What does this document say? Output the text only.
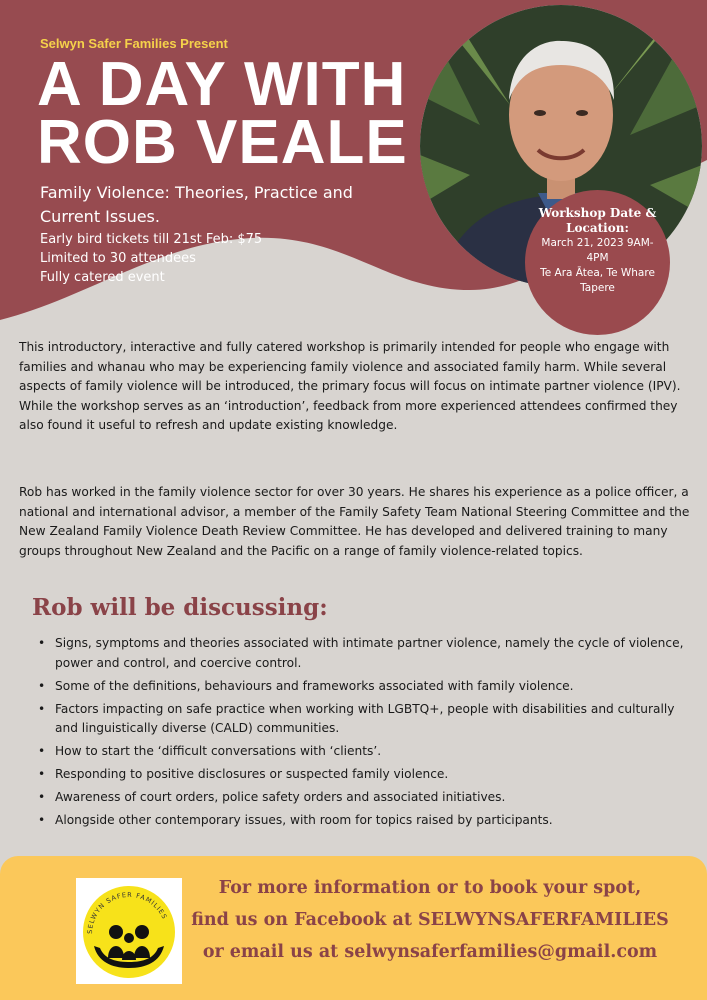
Selwyn Safer Families Present
A DAY WITH
ROB VEALE

Family Violence: Theories, Practice and Current Issues.

Early bird tickets till 21st Feb: $75
Limited to 30 attendees
Fully catered event
Workshop Date & Location:
March 21, 2023 9AM-4PM
Te Ara Ātea, Te Whare Tapere

This introductory, interactive and fully catered workshop is primarily intended for people who engage with families and whanau who may be experiencing family violence and associated family harm. While several aspects of family violence will be introduced, the primary focus will focus on intimate partner violence (IPV). While the workshop serves as an ‘introduction’, feedback from more experienced attendees confirmed they also found it useful to refresh and update existing knowledge.

Rob has worked in the family violence sector for over 30 years. He shares his experience as a police officer, a national and international advisor, a member of the Family Safety Team National Steering Committee and the New Zealand Family Violence Death Review Committee. He has developed and delivered training to many groups throughout New Zealand and the Pacific on a range of family violence-related topics.

Rob will be discussing:
• Signs, symptoms and theories associated with intimate partner violence, namely the cycle of violence, power and control, and coercive control.
• Some of the definitions, behaviours and frameworks associated with family violence.
• Factors impacting on safe practice when working with LGBTQ+, people with disabilities and culturally and linguistically diverse (CALD) communities.
• How to start the ‘difficult conversations with ‘clients’.
• Responding to positive disclosures or suspected family violence.
• Awareness of court orders, police safety orders and associated initiatives.
• Alongside other contemporary issues, with room for topics raised by participants.
SELWYN SAFER FAMILIES
For more information or to book your spot,
find us on Facebook at SELWYNSAFERFAMILIES
or email us at selwynsaferfamilies@gmail.com
